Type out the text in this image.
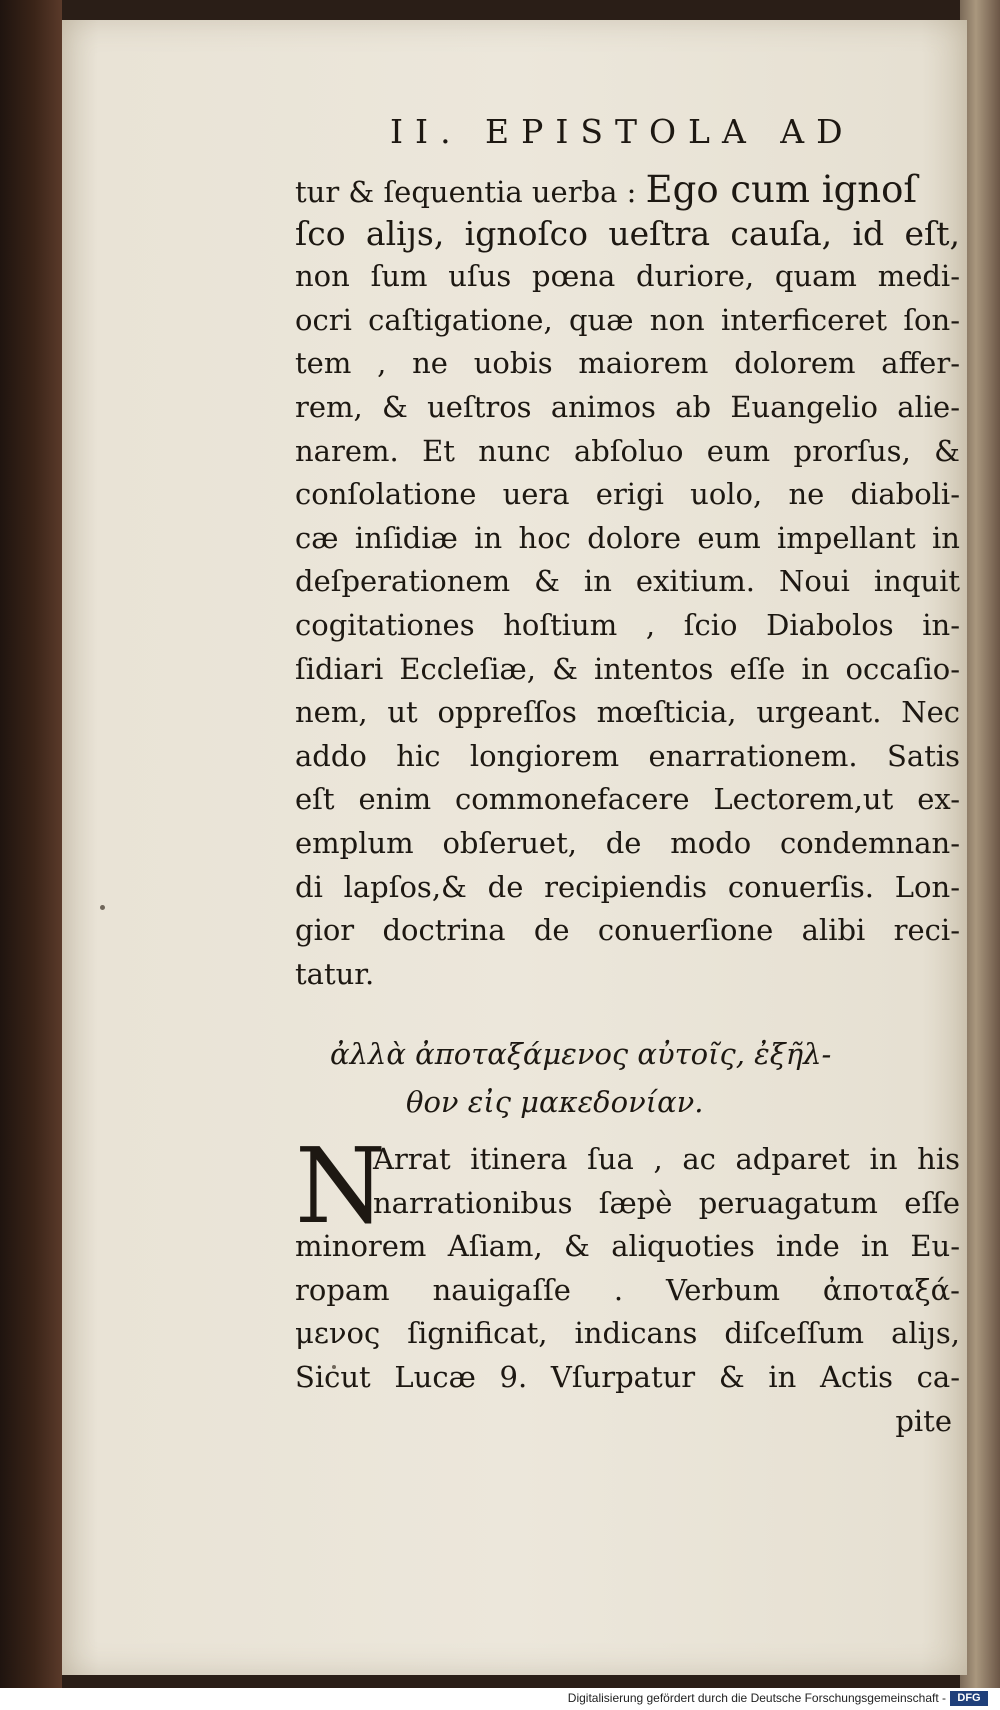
II. EPISTOLA AD
tur & ſequentia uerba : Ego cum ignoſ
ſco aliȷs, ignoſco ueſtra cauſa, id eſt,
non ſum uſus pœna duriore, quam medi-
ocri caſtigatione, quæ non interficeret ſon-
tem , ne uobis maiorem dolorem affer-
rem, & ueſtros animos ab Euangelio alie-
narem. Et nunc abſoluo eum prorſus, &
conſolatione uera erigi uolo, ne diaboli-
cæ inſidiæ in hoc dolore eum impellant in
deſperationem & in exitium. Noui inquit
cogitationes hoſtium , ſcio Diabolos in-
ſidiari Eccleſiæ, & intentos eſſe in occaſio-
nem, ut oppreſſos mœſticia, urgeant. Nec
addo hic longiorem enarrationem. Satis
eſt enim commonefacere Lectorem,ut ex-
emplum obſeruet, de modo condemnan-
di lapſos,& de recipiendis conuerſis. Lon-
gior doctrina de conuerſione alibi reci-
tatur.
ἀλλὰ ἀποταξάμενος αὐτοῖς, ἐξῆλ-
θον εἰς μακεδονίαν.
N
Arrat itinera ſua , ac adparet in his
narrationibus ſæpè peruagatum eſſe
minorem Aſiam, & aliquoties inde in Eu-
ropam nauigaſſe . Verbum ἀποταξά-
μενος ſignificat, indicans diſceſſum aliȷs,
Sicut Lucæ 9. Vſurpatur & in Actis ca-
pite
Digitalisierung gefördert durch die Deutsche Forschungsgemeinschaft -	DFG
